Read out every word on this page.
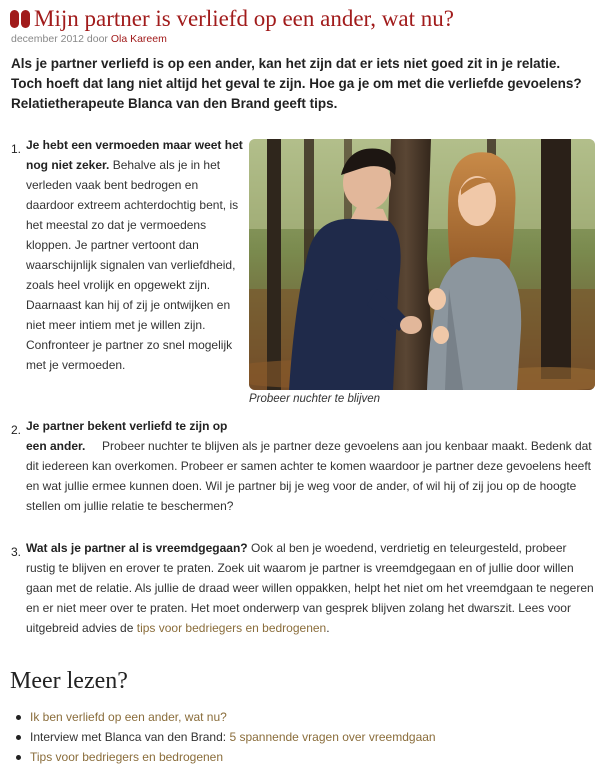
Mijn partner is verliefd op een ander, wat nu?
december 2012 door Ola Kareem
Als je partner verliefd is op een ander, kan het zijn dat er iets niet goed zit in je relatie. Toch hoeft dat lang niet altijd het geval te zijn. Hoe ga je om met die verliefde gevoelens? Relatietherapeute Blanca van den Brand geeft tips.
1. Je hebt een vermoeden maar weet het nog niet zeker. Behalve als je in het verleden vaak bent bedrogen en daardoor extreem achterdochtig bent, is het meestal zo dat je vermoedens kloppen. Je partner vertoont dan waarschijnlijk signalen van verliefdheid, zoals heel vrolijk en opgewekt zijn. Daarnaast kan hij of zij je ontwijken en niet meer intiem met je willen zijn. Confronteer je partner zo snel mogelijk met je vermoeden.
Probeer nuchter te blijven
2. Je partner bekent verliefd te zijn op een ander.	Probeer nuchter te blijven als je partner deze gevoelens aan jou kenbaar maakt. Bedenk dat dit iedereen kan overkomen. Probeer er samen achter te komen waardoor je partner deze gevoelens heeft en wat jullie ermee kunnen doen. Wil je partner bij je weg voor de ander, of wil hij of zij jou op de hoogte stellen om jullie relatie te beschermen?
3. Wat als je partner al is vreemdgegaan? Ook al ben je woedend, verdrietig en teleurgesteld, probeer rustig te blijven en erover te praten. Zoek uit waarom je partner is vreemdgegaan en of jullie door willen gaan met de relatie. Als jullie de draad weer willen oppakken, helpt het niet om het vreemdgaan te negeren en er niet meer over te praten. Het moet onderwerp van gesprek blijven zolang het dwarszit. Lees voor uitgebreid advies de tips voor bedriegers en bedrogenen.
Meer lezen?
Ik ben verliefd op een ander, wat nu?
Interview met Blanca van den Brand: 5 spannende vragen over vreemdgaan
Tips voor bedriegers en bedrogenen
